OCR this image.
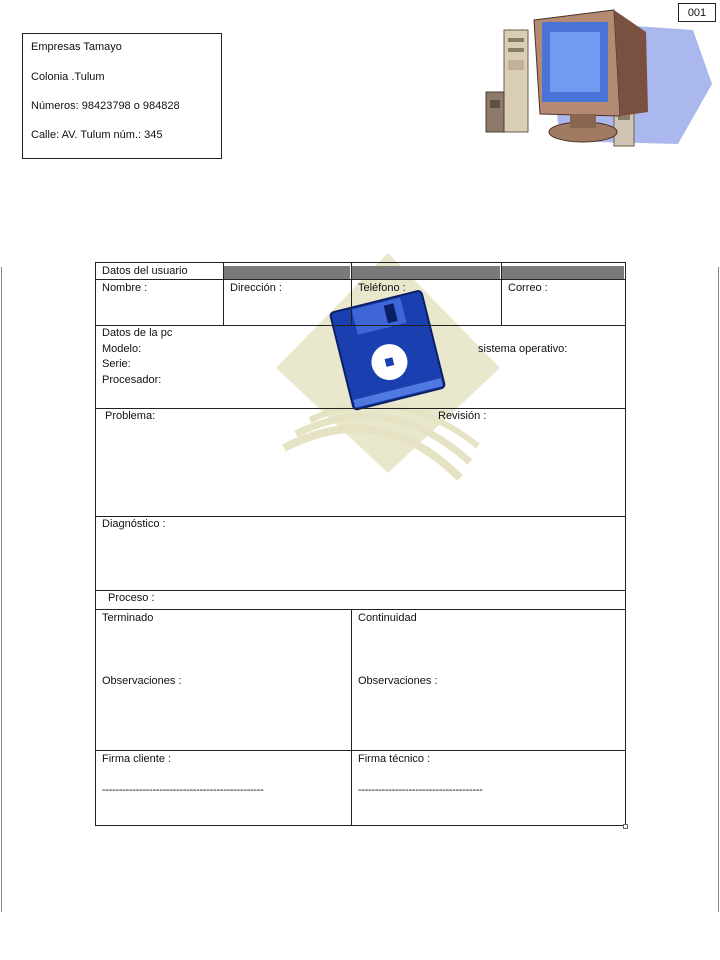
001
Empresas Tamayo
Colonia .Tulum
Números: 98423798 o 984828
Calle: AV. Tulum núm.: 345
Datos del usuario
Nombre :	Dirección :	Teléfono :	Correo :
Datos de la pc
Modelo:
Serie:
Procesador:
sistema operativo:
Problema:	Revisión :
Diagnóstico :
Proceso :
Terminado	Continuidad
Observaciones :	Observaciones :
Firma cliente :	Firma técnico :
------------------------------------------------	-------------------------------------
